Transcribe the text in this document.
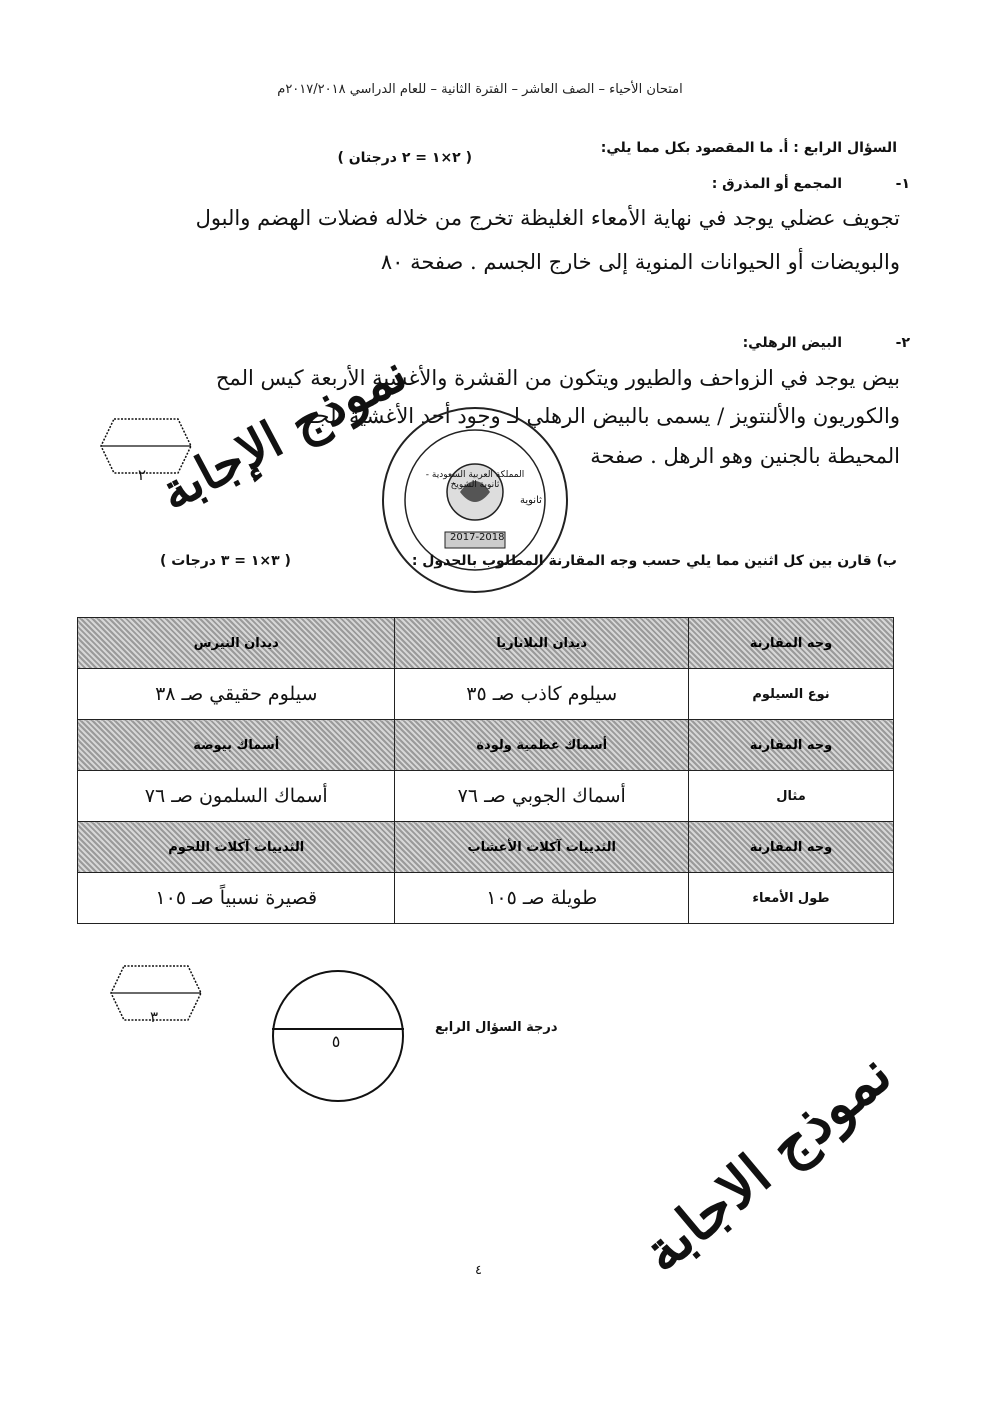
امتحان الأحياء – الصف العاشر – الفترة الثانية – للعام الدراسي ٢٠١٧/٢٠١٨م
السؤال الرابع : أ. ما المقصود بكل مما يلي:
( ٢×١ = ٢ درجتان )
١-
المجمع أو المذرق :
تجويف عضلي يوجد في نهاية الأمعاء الغليظة تخرج من خلاله فضلات الهضم والبول
والبويضات أو الحيوانات المنوية إلى خارج الجسم . صفحة ٨٠
٢-
البيض الرهلي:
بيض يوجد في الزواحف والطيور ويتكون من القشرة والأغشية الأربعة كيس المح
والكوريون والألنتويز / يسمى بالبيض الرهلي لـ وجود أحد الأغشية الجـ
المحيطة بالجنين وهو الرهل . صفحة
٢	المملكة العربية السعودية - ثانوية الشويخ
2017-2018
ثانوية
نموذج الإجابة
ب) قارن بين كل اثنين مما يلي حسب وجه المقارنة المطلوب بالجدول :
( ٣×١ = ٣ درجات )
وجه المقارنة	ديدان البلاناريا	ديدان النيرس
نوع السيلوم	سيلوم كاذب صـ ٣٥	سيلوم حقيقي صـ ٣٨
وجه المقارنة	أسماك عظمية ولودة	أسماك بيوضة
مثال	أسماك الجوبي صـ ٧٦	أسماك السلمون صـ ٧٦
وجه المقارنة	الثدييات آكلات الأعشاب	الثدييات آكلات اللحوم
طول الأمعاء	طويلة صـ ١٠٥	قصيرة نسبياً صـ ١٠٥
٣
٥
درجة السؤال الرابع
نموذج الاجابة
٤
